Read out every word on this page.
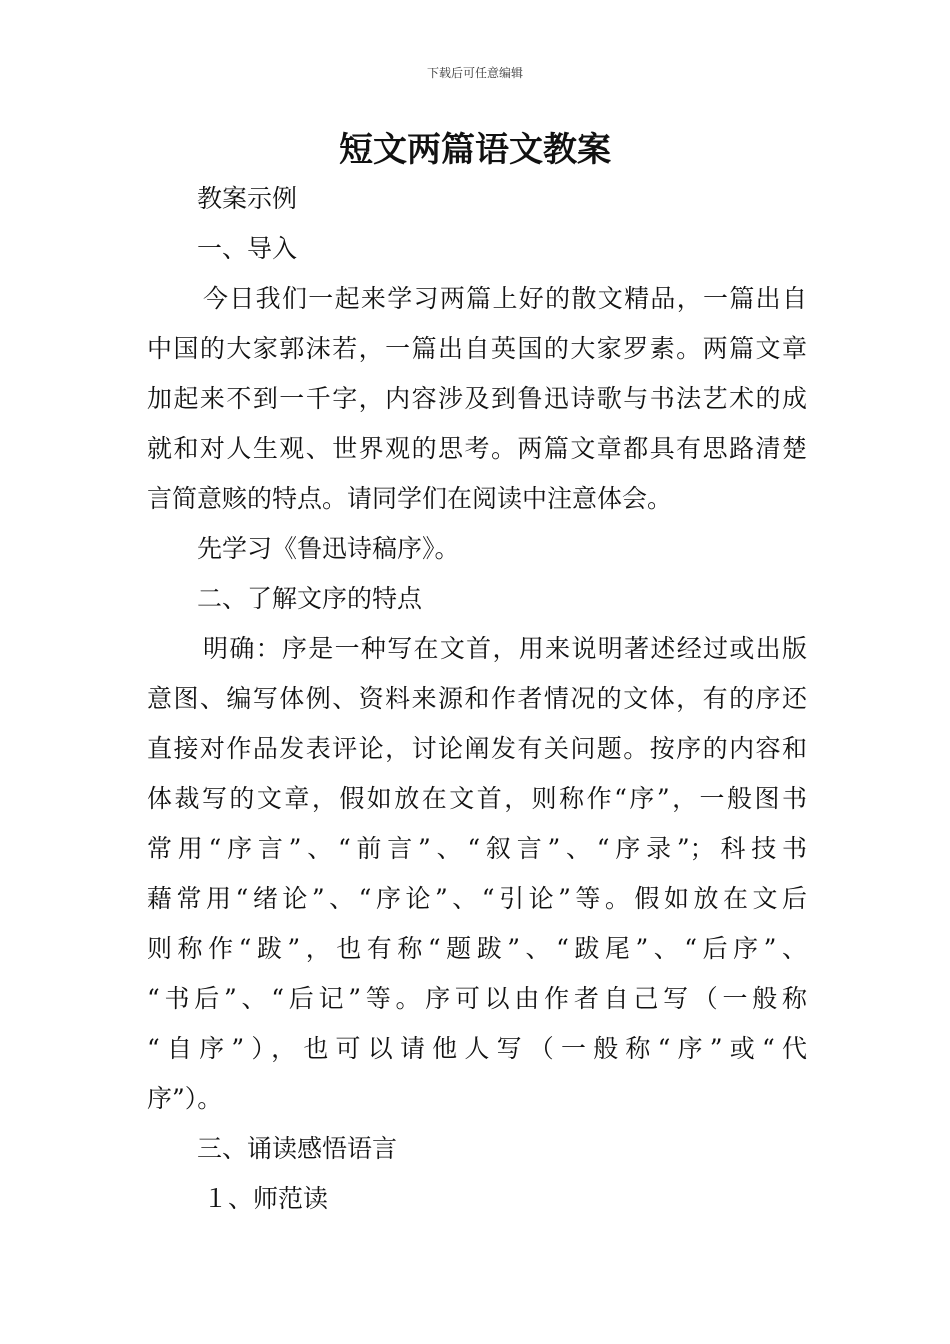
下载后可任意编辑
短文两篇语文教案
教案示例
一、导入
今日我们一起来学习两篇上好的散文精品，一篇出自
中国的大家郭沫若，一篇出自英国的大家罗素。两篇文章
加起来不到一千字，内容涉及到鲁迅诗歌与书法艺术的成
就和对人生观、世界观的思考。两篇文章都具有思路清楚
言简意赅的特点。请同学们在阅读中注意体会。
先学习《鲁迅诗稿序》。
二、了解文序的特点
明确：序是一种写在文首，用来说明著述经过或出版
意图、编写体例、资料来源和作者情况的文体，有的序还
直接对作品发表评论，讨论阐发有关问题。按序的内容和
体裁写的文章，假如放在文首，则称作“序”，一般图书
常用“序言”、“前言”、“叙言”、“序录”；科技书
藉常用“绪论”、“序论”、“引论”等。假如放在文后
则称作“跋”，也有称“题跋”、“跋尾”、“后序”、
“书后”、“后记”等。序可以由作者自己写（一般称
“自序”），也可以请他人写（一般称“序”或“代
序”）。
三、诵读感悟语言
１、师范读
